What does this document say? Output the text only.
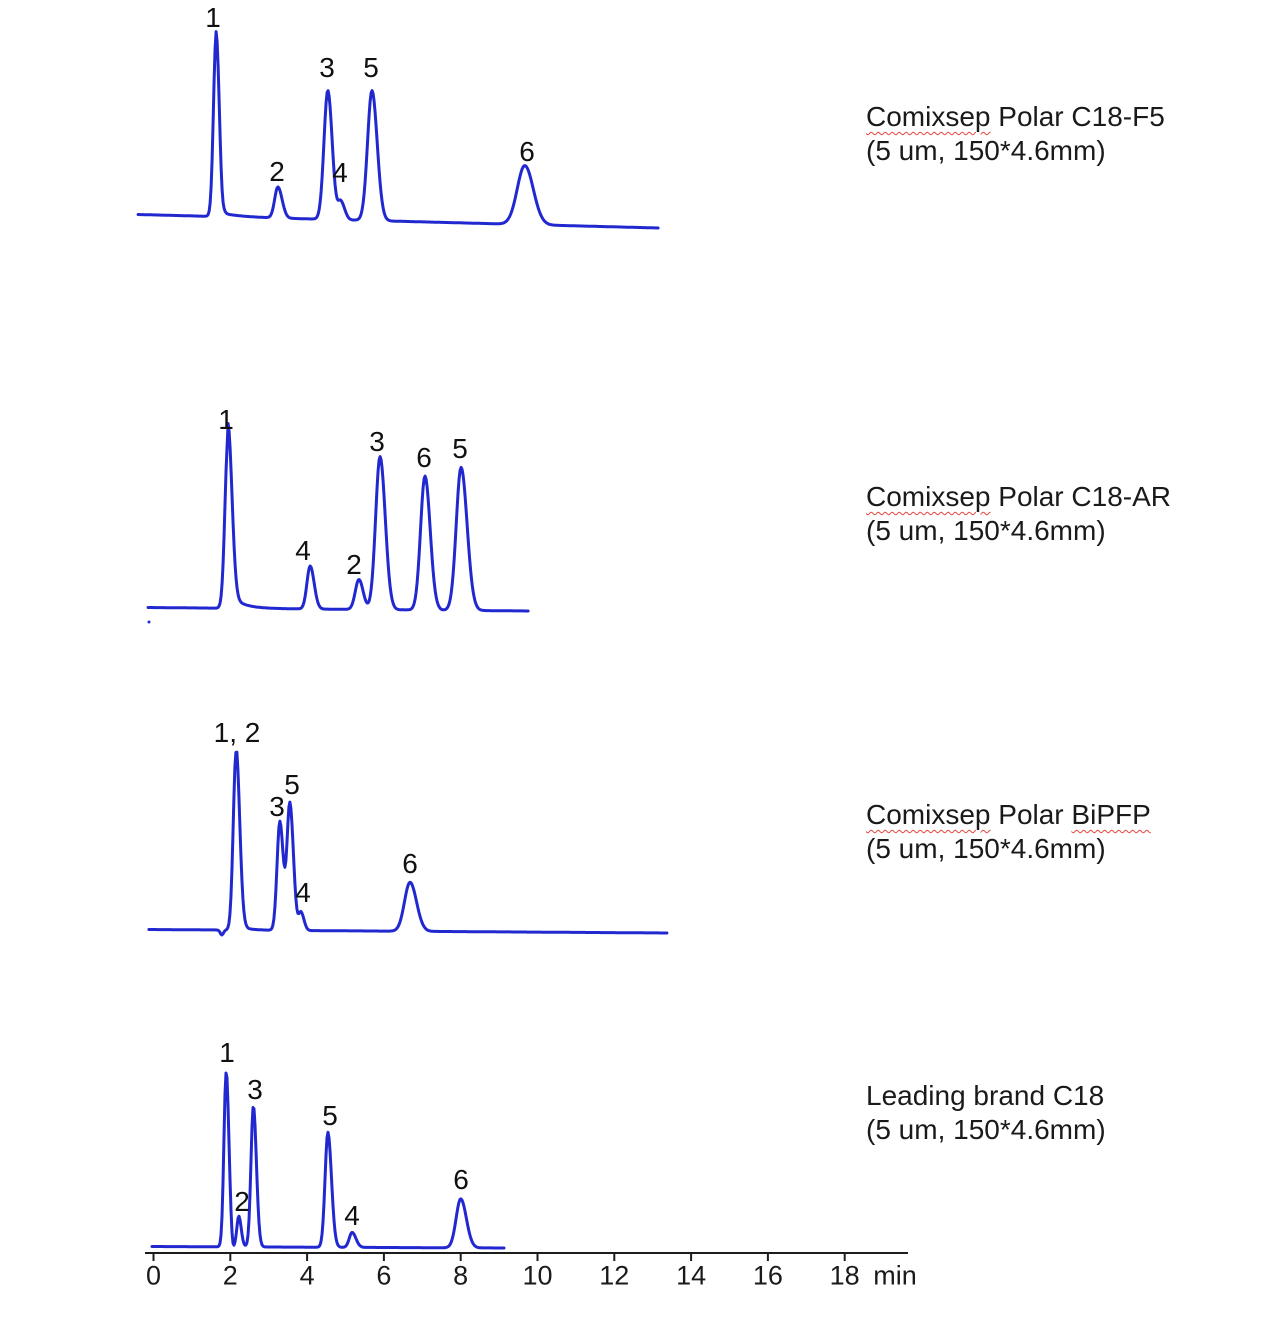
1
2
3
4
5
6
1
4 2
3
6 5
1, 2
3
5
4
6
1
2
3
5
4
6
Comixsep Polar C18-F5
(5 um, 150*4.6mm)
Comixsep Polar C18-AR
(5 um, 150*4.6mm)
Comixsep Polar BiPFP
(5 um, 150*4.6mm)
Leading brand C18
(5 um, 150*4.6mm)
0 2 4 6 8 10 12 14 16 18 min
